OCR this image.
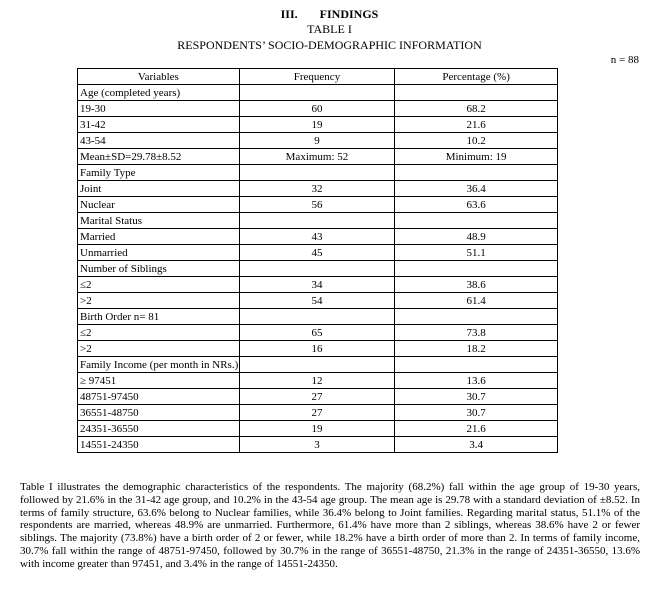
III. FINDINGS
TABLE I
RESPONDENTS’ SOCIO-DEMOGRAPHIC INFORMATION
n = 88
Variables	Frequency	Percentage (%)
Age (completed years)		
19-30	60	68.2
31-42	19	21.6
43-54	9	10.2
Mean±SD=29.78±8.52	Maximum: 52	Minimum: 19
Family Type		
Joint	32	36.4
Nuclear	56	63.6
Marital Status		
Married	43	48.9
Unmarried	45	51.1
Number of Siblings		
≤2	34	38.6
>2	54	61.4
Birth Order n= 81		
≤2	65	73.8
>2	16	18.2
Family Income (per month in NRs.)		
≥ 97451	12	13.6
48751-97450	27	30.7
36551-48750	27	30.7
24351-36550	19	21.6
14551-24350	3	3.4

Table I illustrates the demographic characteristics of the respondents. The majority (68.2%) fall within the age group of 19-30 years, followed by 21.6% in the 31-42 age group, and 10.2% in the 43-54 age group. The mean age is 29.78 with a standard deviation of ±8.52. In terms of family structure, 63.6% belong to Nuclear families, while 36.4% belong to Joint families. Regarding marital status, 51.1% of the respondents are married, whereas 48.9% are unmarried. Furthermore, 61.4% have more than 2 siblings, whereas 38.6% have 2 or fewer siblings. The majority (73.8%) have a birth order of 2 or fewer, while 18.2% have a birth order of more than 2. In terms of family income, 30.7% fall within the range of 48751-97450, followed by 30.7% in the range of 36551-48750, 21.3% in the range of 24351-36550, 13.6% with income greater than 97451, and 3.4% in the range of 14551-24350.
